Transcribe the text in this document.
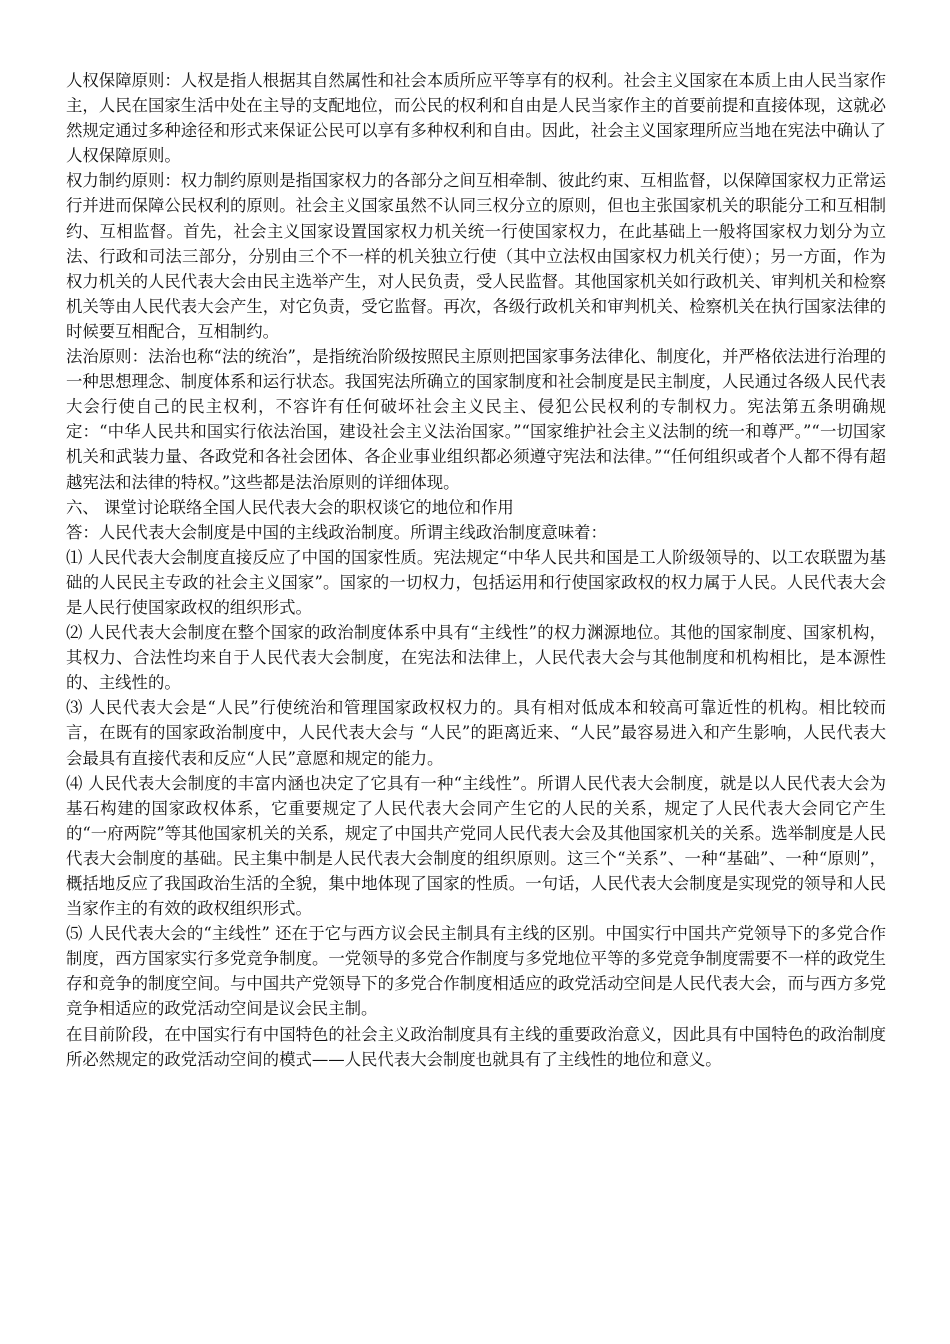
人权保障原则：人权是指人根据其自然属性和社会本质所应平等享有的权利。社会主义国家在本质上由人民当家作主，人民在国家生活中处在主导的支配地位，而公民的权利和自由是人民当家作主的首要前提和直接体现，这就必然规定通过多种途径和形式来保证公民可以享有多种权利和自由。因此，社会主义国家理所应当地在宪法中确认了人权保障原则。

权力制约原则：权力制约原则是指国家权力的各部分之间互相牵制、彼此约束、互相监督，以保障国家权力正常运行并进而保障公民权利的原则。社会主义国家虽然不认同三权分立的原则，但也主张国家机关的职能分工和互相制约、互相监督。首先，社会主义国家设置国家权力机关统一行使国家权力，在此基础上一般将国家权力划分为立法、行政和司法三部分，分别由三个不一样的机关独立行使（其中立法权由国家权力机关行使）；另一方面，作为权力机关的人民代表大会由民主选举产生，对人民负责，受人民监督。其他国家机关如行政机关、审判机关和检察机关等由人民代表大会产生，对它负责，受它监督。再次，各级行政机关和审判机关、检察机关在执行国家法律的时候要互相配合，互相制约。

法治原则：法治也称“法的统治”，是指统治阶级按照民主原则把国家事务法律化、制度化，并严格依法进行治理的一种思想理念、制度体系和运行状态。我国宪法所确立的国家制度和社会制度是民主制度，人民通过各级人民代表大会行使自己的民主权利，不容许有任何破坏社会主义民主、侵犯公民权利的专制权力。宪法第五条明确规定：“中华人民共和国实行依法治国，建设社会主义法治国家。”“国家维护社会主义法制的统一和尊严。”“一切国家机关和武装力量、各政党和各社会团体、各企业事业组织都必须遵守宪法和法律。”“任何组织或者个人都不得有超越宪法和法律的特权。”这些都是法治原则的详细体现。

六、 课堂讨论联络全国人民代表大会的职权谈它的地位和作用

答：人民代表大会制度是中国的主线政治制度。所谓主线政治制度意味着：

⑴ 人民代表大会制度直接反应了中国的国家性质。宪法规定“中华人民共和国是工人阶级领导的、以工农联盟为基础的人民民主专政的社会主义国家”。国家的一切权力，包括运用和行使国家政权的权力属于人民。人民代表大会是人民行使国家政权的组织形式。

⑵ 人民代表大会制度在整个国家的政治制度体系中具有“主线性”的权力渊源地位。其他的国家制度、国家机构，其权力、合法性均来自于人民代表大会制度，在宪法和法律上，人民代表大会与其他制度和机构相比，是本源性的、主线性的。

⑶ 人民代表大会是“人民”行使统治和管理国家政权权力的。具有相对低成本和较高可靠近性的机构。相比较而言，在既有的国家政治制度中，人民代表大会与 “人民”的距离近来、“人民”最容易进入和产生影响，人民代表大会最具有直接代表和反应“人民”意愿和规定的能力。

⑷ 人民代表大会制度的丰富内涵也决定了它具有一种“主线性”。所谓人民代表大会制度，就是以人民代表大会为基石构建的国家政权体系，它重要规定了人民代表大会同产生它的人民的关系，规定了人民代表大会同它产生的“一府两院”等其他国家机关的关系，规定了中国共产党同人民代表大会及其他国家机关的关系。选举制度是人民代表大会制度的基础。民主集中制是人民代表大会制度的组织原则。这三个“关系”、一种“基础”、一种“原则”，概括地反应了我国政治生活的全貌，集中地体现了国家的性质。一句话，人民代表大会制度是实现党的领导和人民当家作主的有效的政权组织形式。

⑸ 人民代表大会的“主线性” 还在于它与西方议会民主制具有主线的区别。中国实行中国共产党领导下的多党合作制度，西方国家实行多党竞争制度。一党领导的多党合作制度与多党地位平等的多党竞争制度需要不一样的政党生存和竞争的制度空间。与中国共产党领导下的多党合作制度相适应的政党活动空间是人民代表大会，而与西方多党竞争相适应的政党活动空间是议会民主制。

在目前阶段，在中国实行有中国特色的社会主义政治制度具有主线的重要政治意义，因此具有中国特色的政治制度所必然规定的政党活动空间的模式——人民代表大会制度也就具有了主线性的地位和意义。
